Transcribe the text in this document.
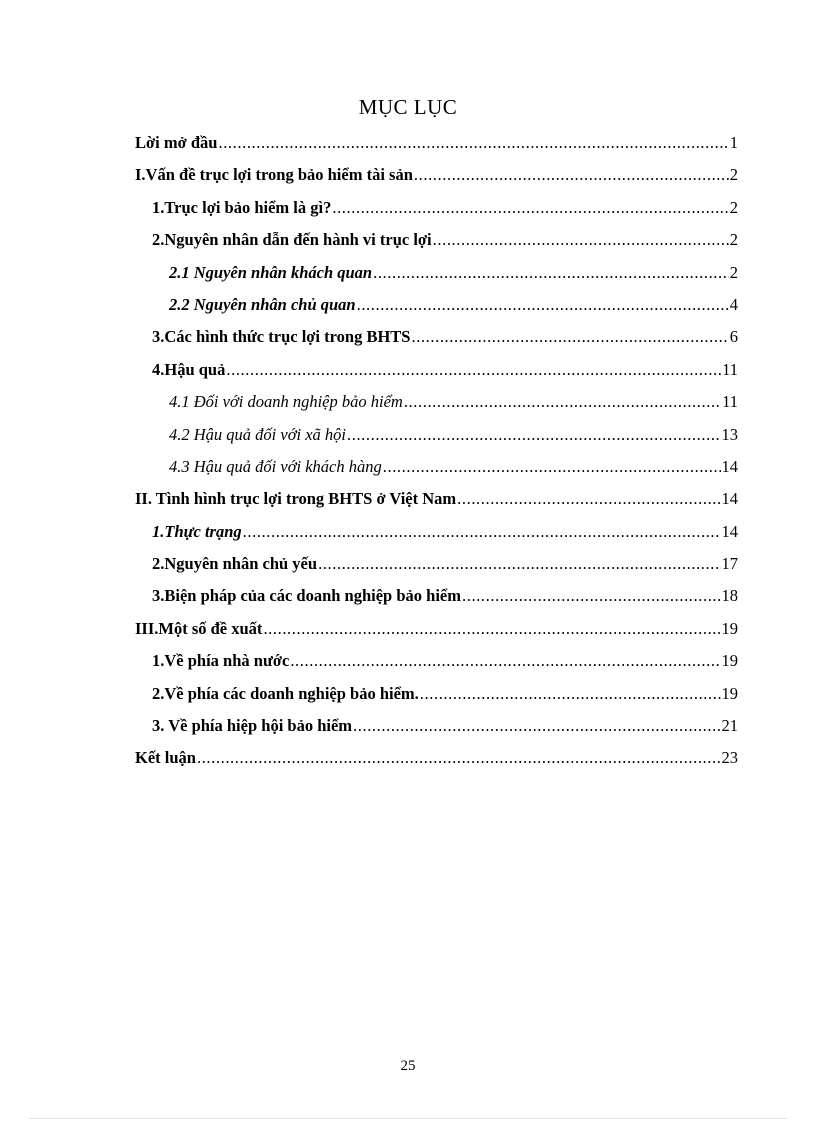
MỤC LỤC
Lời mở đầu .....	1
I.Vấn đề trục lợi trong bảo hiểm tài sản .....	2
1.Trục lợi bảo hiểm là gì? .....	2
2.Nguyên nhân dẫn đến hành vi trục lợi .....	2
2.1 Nguyên nhân khách quan .....	2
2.2 Nguyên nhân chủ quan .....	4
3.Các hình thức trục lợi trong BHTS .....	6
4.Hậu quả .....	11
4.1 Đối với doanh nghiệp bảo hiểm .....	11
4.2 Hậu quả đối với xã hội .....	13
4.3 Hậu quả đối với khách hàng .....	14
II. Tình hình trục lợi trong BHTS ở Việt Nam .....	14
1.Thực trạng .....	14
2.Nguyên nhân chủ yếu .....	17
3.Biện pháp của các doanh nghiệp bảo hiểm .....	18
III.Một số đề xuất .....	19
1.Về phía nhà nước .....	19
2.Về phía các doanh nghiệp bảo hiểm. .....	19
3. Về phía hiệp hội bảo hiểm .....	21
Kết luận .....	23
25
